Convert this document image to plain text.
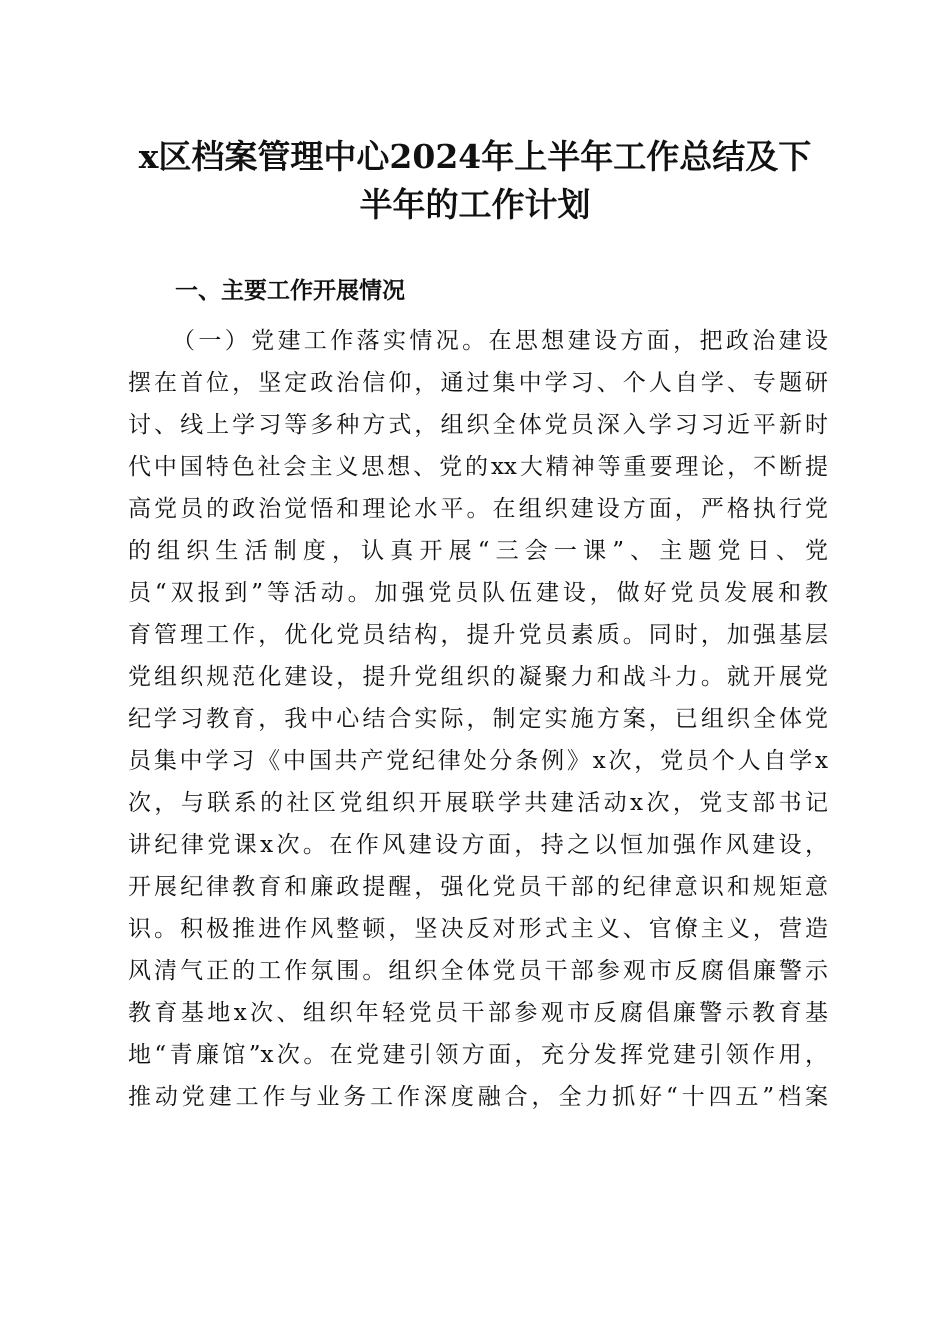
x区档案管理中心2024年上半年工作总结及下
半年的工作计划
一、主要工作开展情况
（一）党建工作落实情况。在思想建设方面，把政治建设
摆在首位，坚定政治信仰，通过集中学习、个人自学、专题研
讨、线上学习等多种方式，组织全体党员深入学习习近平新时
代中国特色社会主义思想、党的xx大精神等重要理论，不断提
高党员的政治觉悟和理论水平。在组织建设方面，严格执行党
的组织生活制度，认真开展“三会一课”、主题党日、党
员“双报到”等活动。加强党员队伍建设，做好党员发展和教
育管理工作，优化党员结构，提升党员素质。同时，加强基层
党组织规范化建设，提升党组织的凝聚力和战斗力。就开展党
纪学习教育，我中心结合实际，制定实施方案，已组织全体党
员集中学习《中国共产党纪律处分条例》x次，党员个人自学x
次，与联系的社区党组织开展联学共建活动x次，党支部书记
讲纪律党课x次。在作风建设方面，持之以恒加强作风建设，
开展纪律教育和廉政提醒，强化党员干部的纪律意识和规矩意
识。积极推进作风整顿，坚决反对形式主义、官僚主义，营造
风清气正的工作氛围。组织全体党员干部参观市反腐倡廉警示
教育基地x次、组织年轻党员干部参观市反腐倡廉警示教育基
地“青廉馆”x次。在党建引领方面，充分发挥党建引领作用，
推动党建工作与业务工作深度融合，全力抓好“十四五”档案
